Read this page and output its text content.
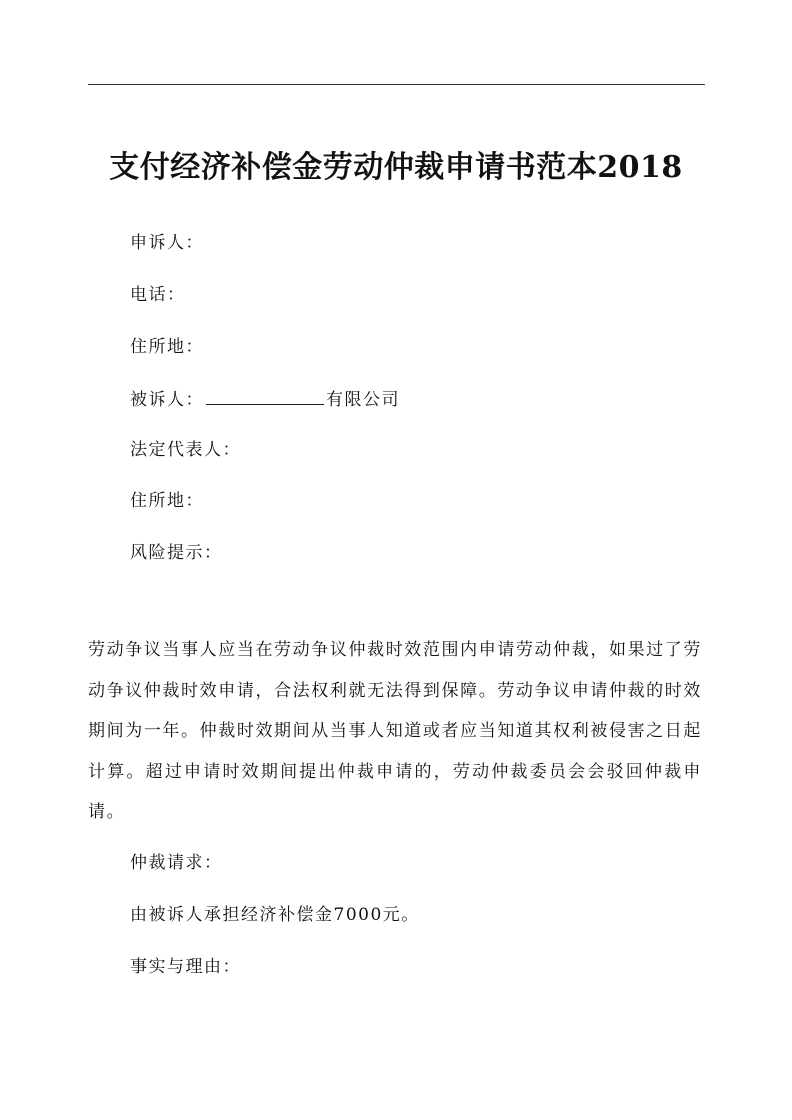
支付经济补偿金劳动仲裁申请书范本2018
申诉人：
电话：
住所地：
被诉人：	有限公司
法定代表人：
住所地：
风险提示：
劳动争议当事人应当在劳动争议仲裁时效范围内申请劳动仲裁，如果过了劳动争议仲裁时效申请，合法权利就无法得到保障。劳动争议申请仲裁的时效期间为一年。仲裁时效期间从当事人知道或者应当知道其权利被侵害之日起计算。超过申请时效期间提出仲裁申请的，劳动仲裁委员会会驳回仲裁申请。
仲裁请求：
由被诉人承担经济补偿金7000元。
事实与理由：
